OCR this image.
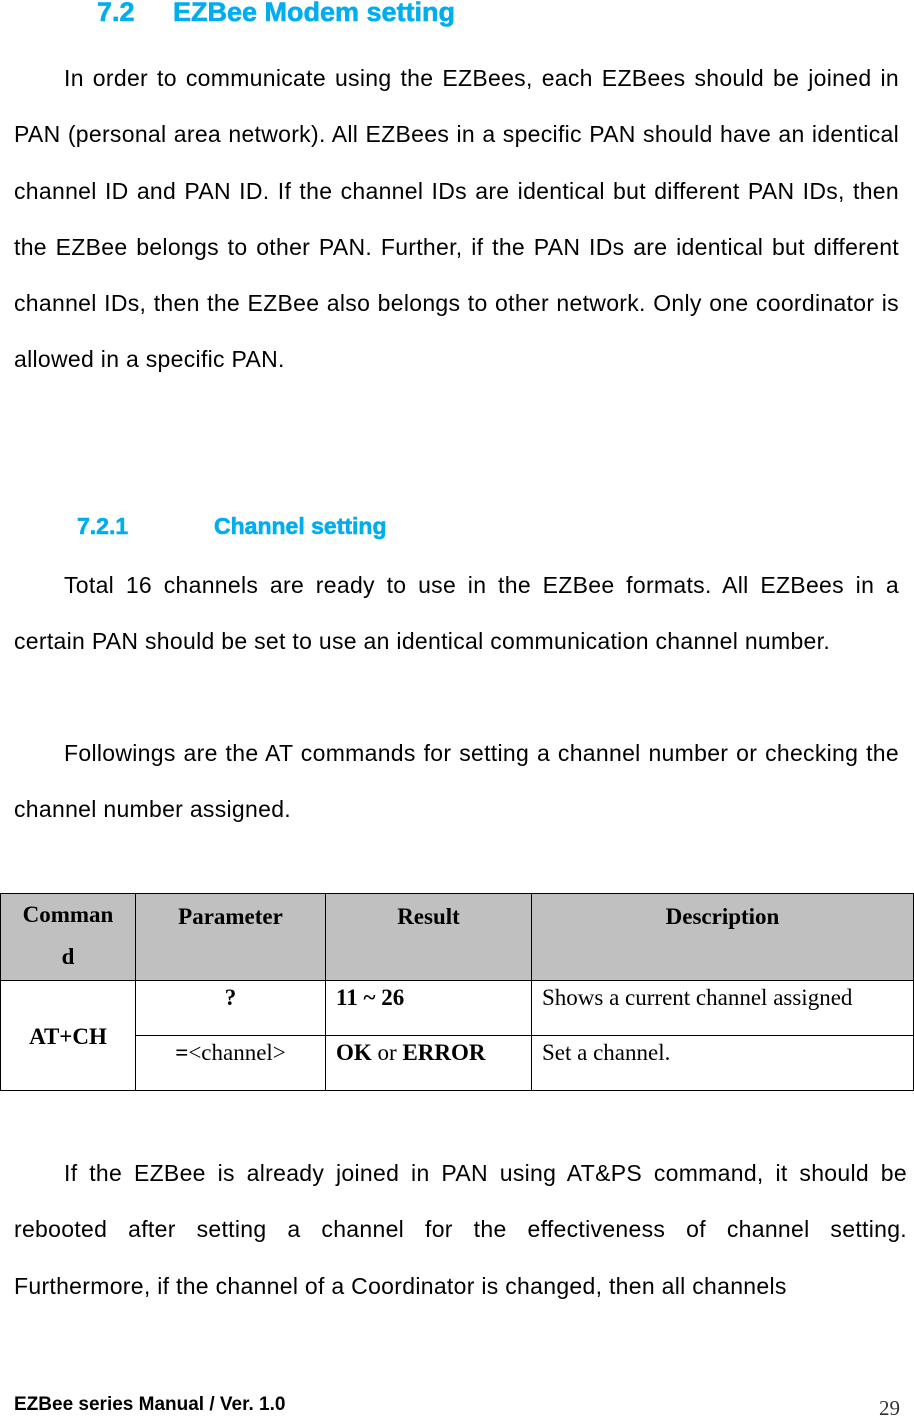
7.2 EZBee Modem setting
In order to communicate using the EZBees, each EZBees should be joined in PAN (personal area network). All EZBees in a specific PAN should have an identical channel ID and PAN ID. If the channel IDs are identical but different PAN IDs, then the EZBee belongs to other PAN. Further, if the PAN IDs are identical but different channel IDs, then the EZBee also belongs to other network. Only one coordinator is allowed in a specific PAN.
7.2.1	Channel setting
Total 16 channels are ready to use in the EZBee formats. All EZBees in a certain PAN should be set to use an identical communication channel number.
Followings are the AT commands for setting a channel number or checking the channel number assigned.
Command	Parameter	Result	Description
AT+CH	?	11 ~ 26	Shows a current channel assigned
	=<channel>	OK or ERROR	Set a channel.
If the EZBee is already joined in PAN using AT&PS command, it should be rebooted after setting a channel for the effectiveness of channel setting. Furthermore, if the channel of a Coordinator is changed, then all channels
EZBee series Manual / Ver. 1.0	29
